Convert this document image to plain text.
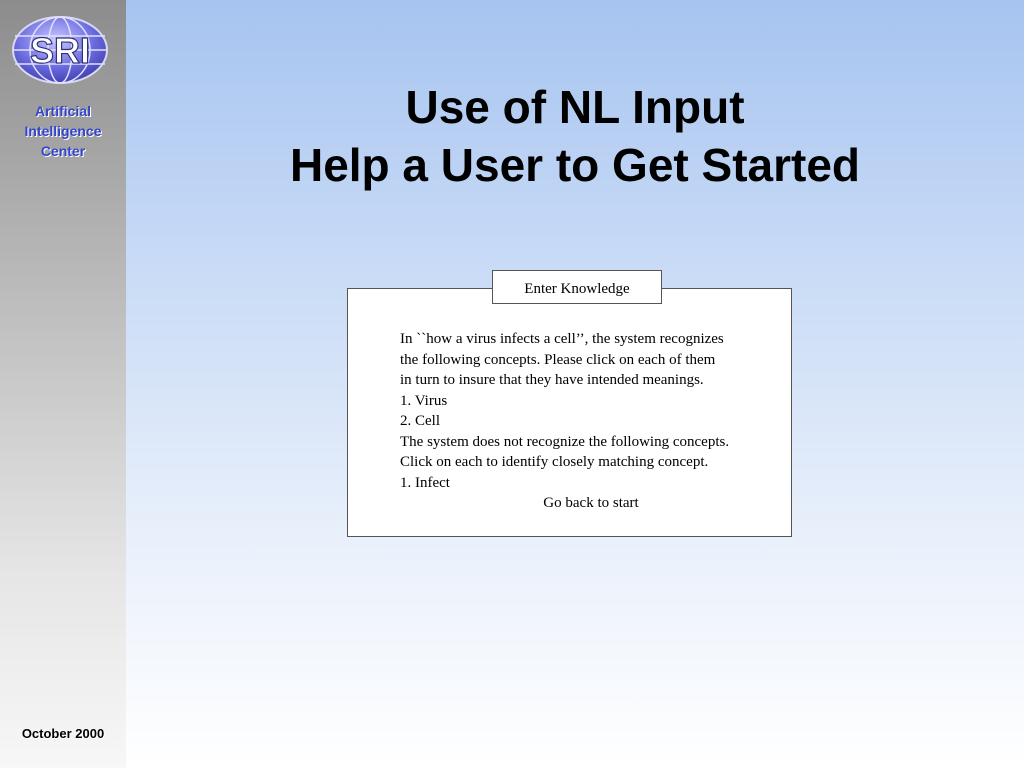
SRI
Artificial
Intelligence
Center
October 2000
Use of NL Input
Help a User to Get Started
Enter Knowledge
In ``how a virus infects a cell’’, the system recognizes
the following concepts. Please click on each of them
in turn to insure that they have intended meanings.
1. Virus
2. Cell
The system does not recognize the following concepts.
Click on each to identify closely matching concept.
1. Infect
Go back to start
